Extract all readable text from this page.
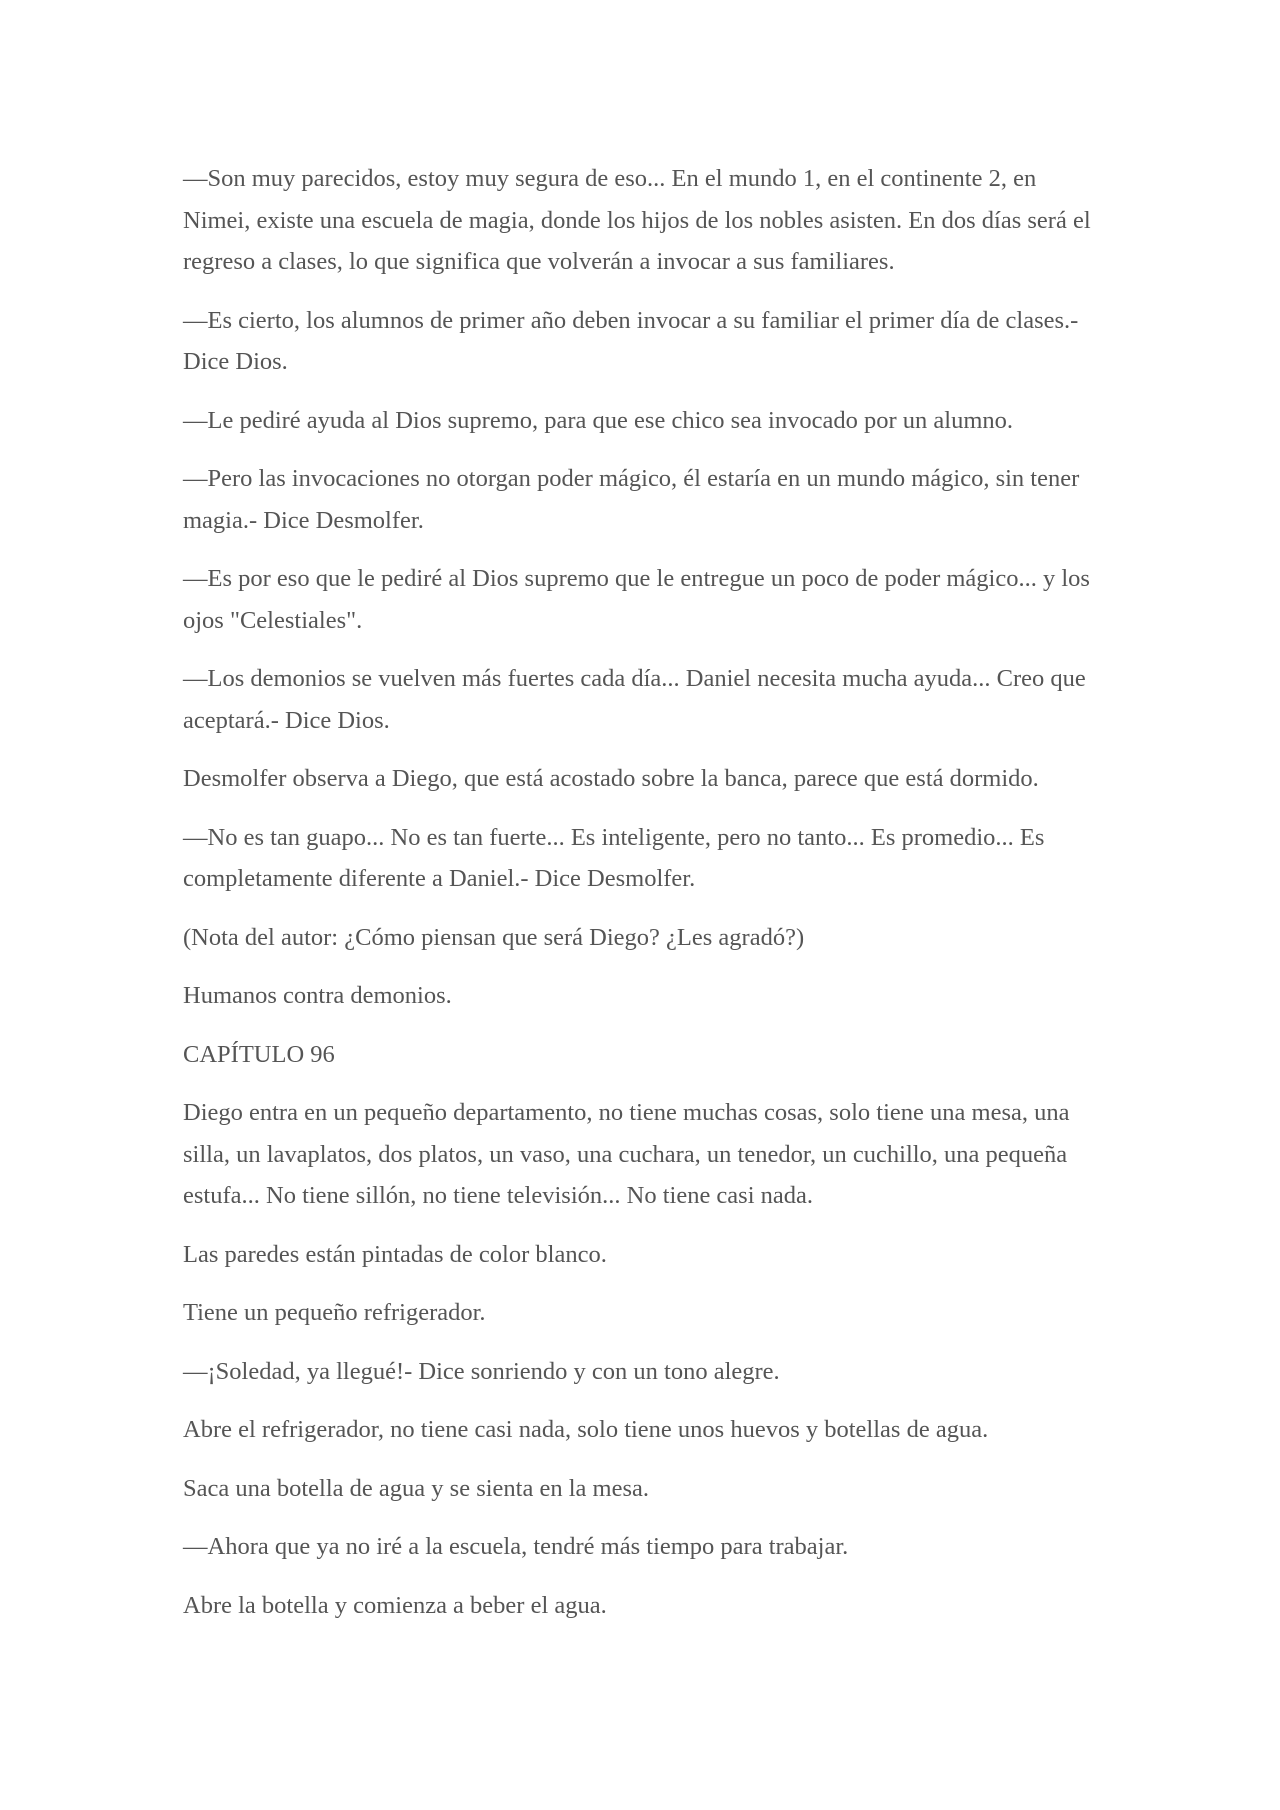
—Son muy parecidos, estoy muy segura de eso... En el mundo 1, en el continente 2, en Nimei, existe una escuela de magia, donde los hijos de los nobles asisten. En dos días será el regreso a clases, lo que significa que volverán a invocar a sus familiares.

—Es cierto, los alumnos de primer año deben invocar a su familiar el primer día de clases.- Dice Dios.

—Le pediré ayuda al Dios supremo, para que ese chico sea invocado por un alumno.

—Pero las invocaciones no otorgan poder mágico, él estaría en un mundo mágico, sin tener magia.- Dice Desmolfer.

—Es por eso que le pediré al Dios supremo que le entregue un poco de poder mágico... y los ojos "Celestiales".

—Los demonios se vuelven más fuertes cada día... Daniel necesita mucha ayuda... Creo que aceptará.- Dice Dios.

Desmolfer observa a Diego, que está acostado sobre la banca, parece que está dormido.

—No es tan guapo... No es tan fuerte... Es inteligente, pero no tanto... Es promedio... Es completamente diferente a Daniel.- Dice Desmolfer.

(Nota del autor: ¿Cómo piensan que será Diego? ¿Les agradó?)

Humanos contra demonios.

CAPÍTULO 96

Diego entra en un pequeño departamento, no tiene muchas cosas, solo tiene una mesa, una silla, un lavaplatos, dos platos, un vaso, una cuchara, un tenedor, un cuchillo, una pequeña estufa... No tiene sillón, no tiene televisión... No tiene casi nada.

Las paredes están pintadas de color blanco.

Tiene un pequeño refrigerador.

—¡Soledad, ya llegué!- Dice sonriendo y con un tono alegre.

Abre el refrigerador, no tiene casi nada, solo tiene unos huevos y botellas de agua.

Saca una botella de agua y se sienta en la mesa.

—Ahora que ya no iré a la escuela, tendré más tiempo para trabajar.

Abre la botella y comienza a beber el agua.
